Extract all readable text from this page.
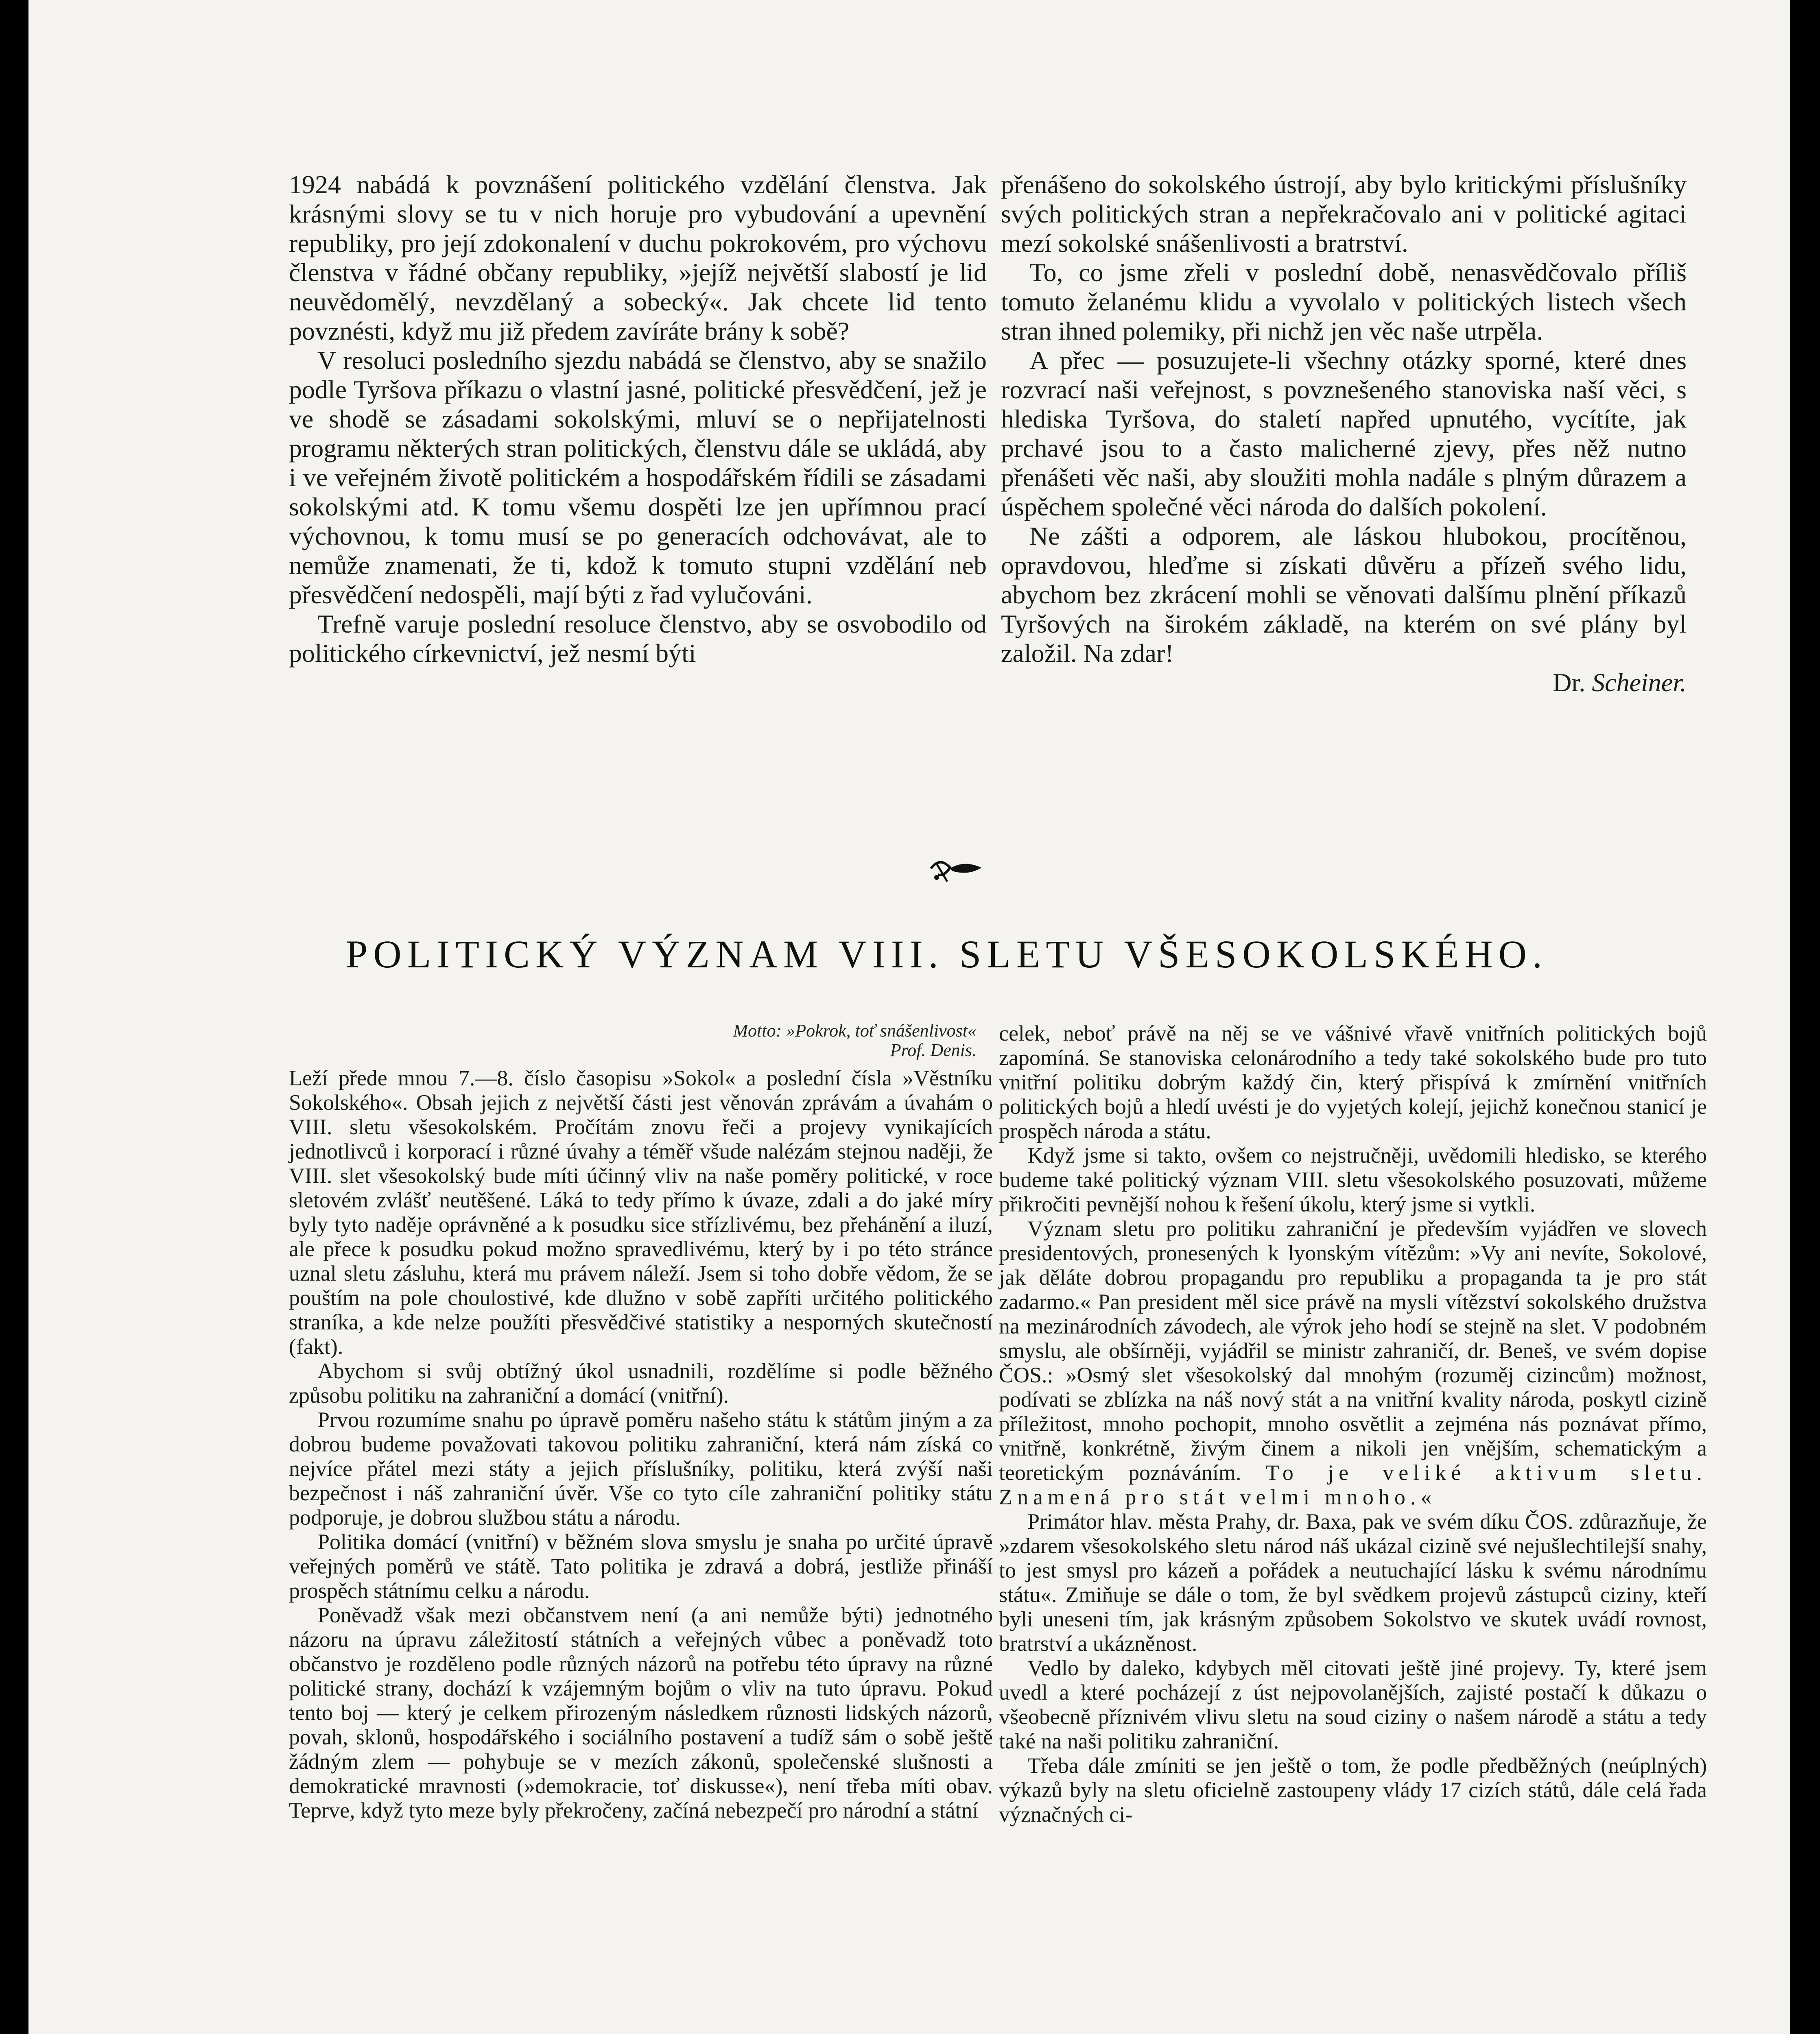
1924 nabádá k povznášení politického vzdělání členstva. Jak krásnými slovy se tu v nich horuje pro vybudování a upevnění republiky, pro její zdokonalení v duchu pokrokovém, pro výchovu členstva v řádné občany republiky, »jejíž největší slabostí je lid neuvědomělý, nevzdělaný a sobecký«. Jak chcete lid tento povznésti, když mu již předem zavíráte brány k sobě?

V resoluci posledního sjezdu nabádá se členstvo, aby se snažilo podle Tyršova příkazu o vlastní jasné, politické přesvědčení, jež je ve shodě se zásadami sokolskými, mluví se o nepřijatelnosti programu některých stran politických, členstvu dále se ukládá, aby i ve veřejném životě politickém a hospodářském řídili se zásadami sokolskými atd. K tomu všemu dospěti lze jen upřímnou prací výchovnou, k tomu musí se po generacích odchovávat, ale to nemůže znamenati, že ti, kdož k tomuto stupni vzdělání neb přesvědčení nedospěli, mají býti z řad vylučováni.

Trefně varuje poslední resoluce členstvo, aby se osvobodilo od politického církevnictví, jež nesmí býti

přenášeno do sokolského ústrojí, aby bylo kritickými příslušníky svých politických stran a nepřekračovalo ani v politické agitaci mezí sokolské snášenlivosti a bratrství.

To, co jsme zřeli v poslední době, nenasvědčovalo příliš tomuto želanému klidu a vyvolalo v politických listech všech stran ihned polemiky, při nichž jen věc naše utrpěla.

A přec — posuzujete-li všechny otázky sporné, které dnes rozvrací naši veřejnost, s povznešeného stanoviska naší věci, s hlediska Tyršova, do staletí napřed upnutého, vycítíte, jak prchavé jsou to a často malicherné zjevy, přes něž nutno přenášeti věc naši, aby sloužiti mohla nadále s plným důrazem a úspěchem společné věci národa do dalších pokolení.

Ne zášti a odporem, ale láskou hlubokou, procítěnou, opravdovou, hleďme si získati důvěru a přízeň svého lidu, abychom bez zkrácení mohli se věnovati dalšímu plnění příkazů Tyršových na širokém základě, na kterém on své plány byl založil. Na zdar!

Dr. Scheiner.
POLITICKÝ VÝZNAM VIII. SLETU VŠESOKOLSKÉHO.
Motto: »Pokrok, toť snášenlivost«
Prof. Denis.

Leží přede mnou 7.—8. číslo časopisu »Sokol« a poslední čísla »Věstníku Sokolského«. Obsah jejich z největší části jest věnován zprávám a úvahám o VIII. sletu všesokolském. Pročítám znovu řeči a projevy vynikajících jednotlivců i korporací i různé úvahy a téměř všude nalézám stejnou naději, že VIII. slet všesokolský bude míti účinný vliv na naše poměry politické, v roce sletovém zvlášť neutěšené. Láká to tedy přímo k úvaze, zdali a do jaké míry byly tyto naděje oprávněné a k posudku sice střízlivému, bez přehánění a iluzí, ale přece k posudku pokud možno spravedlivému, který by i po této stránce uznal sletu zásluhu, která mu právem náleží. Jsem si toho dobře vědom, že se pouštím na pole choulostivé, kde dlužno v sobě zapříti určitého politického straníka, a kde nelze použíti přesvědčivé statistiky a nesporných skutečností (fakt).

Abychom si svůj obtížný úkol usnadnili, rozdělíme si podle běžného způsobu politiku na zahraniční a domácí (vnitřní).

Prvou rozumíme snahu po úpravě poměru našeho státu k státům jiným a za dobrou budeme považovati takovou politiku zahraniční, která nám získá co nejvíce přátel mezi státy a jejich příslušníky, politiku, která zvýší naši bezpečnost i náš zahraniční úvěr. Vše co tyto cíle zahraniční politiky státu podporuje, je dobrou službou státu a národu.

Politika domácí (vnitřní) v běžném slova smyslu je snaha po určité úpravě veřejných poměrů ve státě. Tato politika je zdravá a dobrá, jestliže přináší prospěch státnímu celku a národu.

Poněvadž však mezi občanstvem není (a ani nemůže býti) jednotného názoru na úpravu záležitostí státních a veřejných vůbec a poněvadž toto občanstvo je rozděleno podle různých názorů na potřebu této úpravy na různé politické strany, dochází k vzájemným bojům o vliv na tuto úpravu. Pokud tento boj — který je celkem přirozeným následkem různosti lidských názorů, povah, sklonů, hospodářského i sociálního postavení a tudíž sám o sobě ještě žádným zlem — pohybuje se v mezích zákonů, společenské slušnosti a demokratické mravnosti (»demokracie, toť diskusse«), není třeba míti obav. Teprve, když tyto meze byly překročeny, začíná nebezpečí pro národní a státní

celek, neboť právě na něj se ve vášnivé vřavě vnitřních politických bojů zapomíná. Se stanoviska celonárodního a tedy také sokolského bude pro tuto vnitřní politiku dobrým každý čin, který přispívá k zmírnění vnitřních politických bojů a hledí uvésti je do vyjetých kolejí, jejichž konečnou stanicí je prospěch národa a státu.

Když jsme si takto, ovšem co nejstručněji, uvědomili hledisko, se kterého budeme také politický význam VIII. sletu všesokolského posuzovati, můžeme přikročiti pevnější nohou k řešení úkolu, který jsme si vytkli.

Význam sletu pro politiku zahraniční je především vyjádřen ve slovech presidentových, pronesených k lyonským vítězům: »Vy ani nevíte, Sokolové, jak děláte dobrou propagandu pro republiku a propaganda ta je pro stát zadarmo.« Pan president měl sice právě na mysli vítězství sokolského družstva na mezinárodních závodech, ale výrok jeho hodí se stejně na slet. V podobném smyslu, ale obšírněji, vyjádřil se ministr zahraničí, dr. Beneš, ve svém dopise ČOS.: »Osmý slet všesokolský dal mnohým (rozuměj cizincům) možnost, podívati se zblízka na náš nový stát a na vnitřní kvality národa, poskytl cizině příležitost, mnoho pochopit, mnoho osvětlit a zejména nás poznávat přímo, vnitřně, konkrétně, živým činem a nikoli jen vnějším, schematickým a teoretickým poznáváním. To je veliké aktivum sletu. Znamená pro stát velmi mnoho.«

Primátor hlav. města Prahy, dr. Baxa, pak ve svém díku ČOS. zdůrazňuje, že »zdarem všesokolského sletu národ náš ukázal cizině své nejušlechtilejší snahy, to jest smysl pro kázeň a pořádek a neutuchající lásku k svému národnímu státu«. Zmiňuje se dále o tom, že byl svědkem projevů zástupců ciziny, kteří byli uneseni tím, jak krásným způsobem Sokolstvo ve skutek uvádí rovnost, bratrství a ukázněnost.

Vedlo by daleko, kdybych měl citovati ještě jiné projevy. Ty, které jsem uvedl a které pocházejí z úst nejpovolanějších, zajisté postačí k důkazu o všeobecně příznivém vlivu sletu na soud ciziny o našem národě a státu a tedy také na naši politiku zahraniční.

Třeba dále zmíniti se jen ještě o tom, že podle předběžných (neúplných) výkazů byly na sletu oficielně zastoupeny vlády 17 cizích států, dále celá řada význačných ci-
